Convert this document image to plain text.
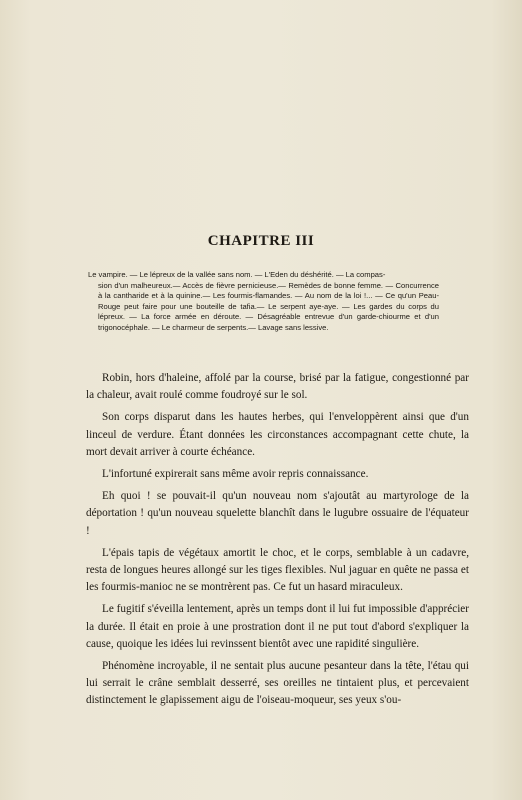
CHAPITRE III
Le vampire. — Le lépreux de la vallée sans nom. — L'Eden du déshérité. — La compas-
sion d'un malheureux.— Accès de fièvre pernicieuse.— Remèdes de bonne femme. — Concurrence à la cantharide et à la quinine.— Les fourmis-flamandes. — Au nom de la loi !... — Ce qu'un Peau-Rouge peut faire pour une bouteille de tafia.— Le serpent aye-aye. — Les gardes du corps du lépreux. — La force armée en déroute. — Désagréable entrevue d'un garde-chiourme et d'un trigonocéphale. — Le charmeur de serpents.— Lavage sans lessive.

Robin, hors d'haleine, affolé par la course, brisé par la fatigue, congestionné par la chaleur, avait roulé comme foudroyé sur le sol.

Son corps disparut dans les hautes herbes, qui l'enveloppèrent ainsi que d'un linceul de verdure. Étant données les circonstances accompagnant cette chute, la mort devait arriver à courte échéance.

L'infortuné expirerait sans même avoir repris connaissance.

Eh quoi ! se pouvait-il qu'un nouveau nom s'ajoutât au martyrologe de la déportation ! qu'un nouveau squelette blanchît dans le lugubre ossuaire de l'équateur !

L'épais tapis de végétaux amortit le choc, et le corps, semblable à un cadavre, resta de longues heures allongé sur les tiges flexibles. Nul jaguar en quête ne passa et les fourmis-manioc ne se montrèrent pas. Ce fut un hasard miraculeux.

Le fugitif s'éveilla lentement, après un temps dont il lui fut impossible d'apprécier la durée. Il était en proie à une prostration dont il ne put tout d'abord s'expliquer la cause, quoique les idées lui revinssent bientôt avec une rapidité singulière.

Phénomène incroyable, il ne sentait plus aucune pesanteur dans la tête, l'étau qui lui serrait le crâne semblait desserré, ses oreilles ne tintaient plus, et percevaient distinctement le glapissement aigu de l'oiseau-moqueur, ses yeux s'ou-
